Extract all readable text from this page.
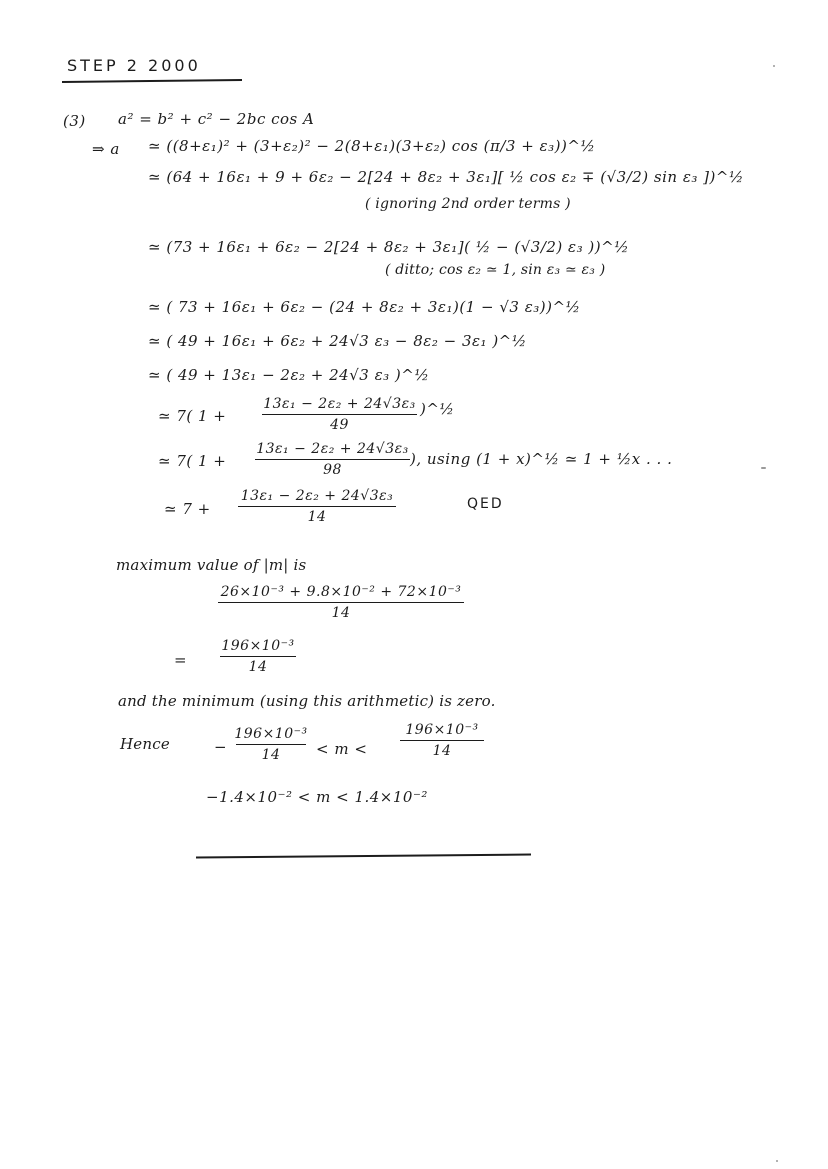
STEP 2 2000
(3) a² = b² + c² − 2bc cos A
⇒ a ≃ ((8+ε₁)² + (3+ε₂)² − 2(8+ε₁)(3+ε₂) cos (π/3 + ε₃))^½
≃ (64 + 16ε₁ + 9 + 6ε₂ − 2[24 + 8ε₂ + 3ε₁][ ½ cos ε₂ ∓ (√3/2) sin ε₃ ])^½
( ignoring 2nd order terms )
≃ (73 + 16ε₁ + 6ε₂ − 2[24 + 8ε₂ + 3ε₁]( ½ − (√3/2) ε₃ ))^½
( ditto; cos ε₂ ≃ 1, sin ε₃ ≃ ε₃ )
≃ ( 73 + 16ε₁ + 6ε₂ − (24 + 8ε₂ + 3ε₁)(1 − √3 ε₃))^½
≃ ( 49 + 16ε₁ + 6ε₂ + 24√3 ε₃ − 8ε₂ − 3ε₁ )^½
≃ ( 49 + 13ε₁ − 2ε₂ + 24√3 ε₃ )^½
≃ 7( 1 +
13ε₁ − 2ε₂ + 24√3ε₃
49
)^½
≃ 7( 1 +
13ε₁ − 2ε₂ + 24√3ε₃
98
), using (1 + x)^½ ≃ 1 + ½x . . .
≃ 7 +
13ε₁ − 2ε₂ + 24√3ε₃
14
QED
maximum value of |m| is
26×10⁻³ + 9.8×10⁻² + 72×10⁻³
14
=
196×10⁻³
14
and the minimum (using this arithmetic) is zero.
Hence	−
196×10⁻³
14 < m <
196×10⁻³
14
−1.4×10⁻² < m < 1.4×10⁻²
